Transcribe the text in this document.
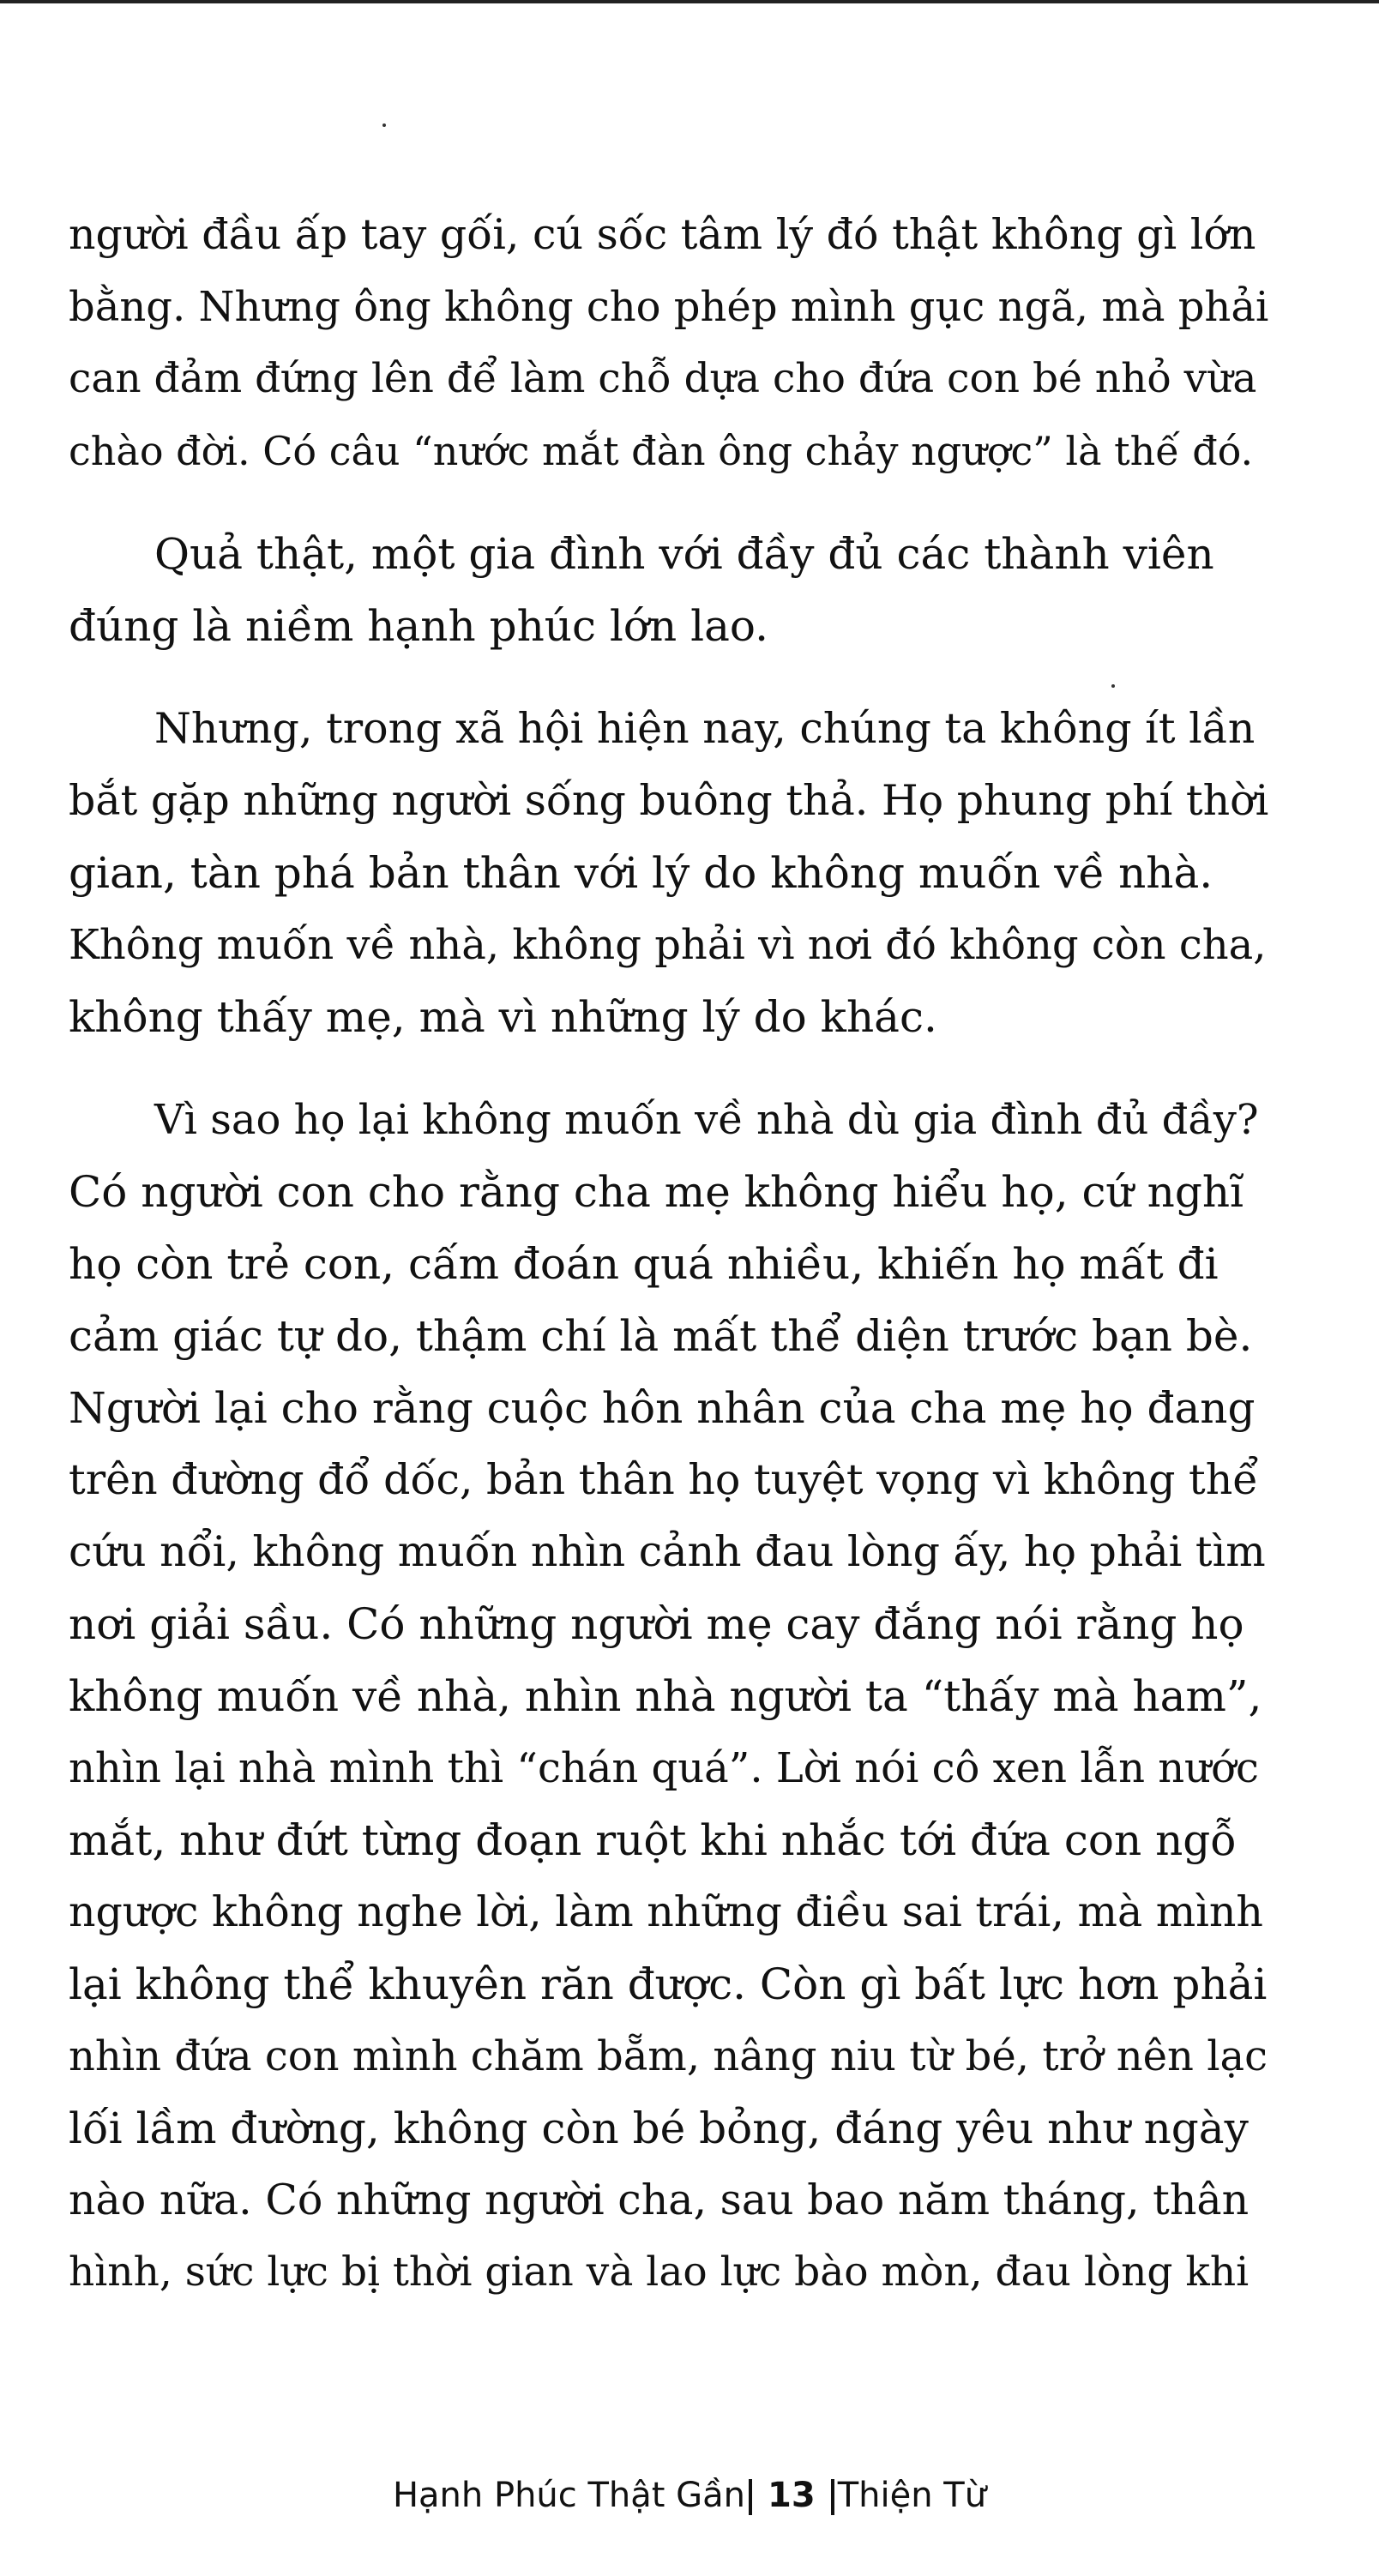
người đầu ấp tay gối, cú sốc tâm lý đó thật không gì lớn
bằng. Nhưng ông không cho phép mình gục ngã, mà phải
can đảm đứng lên để làm chỗ dựa cho đứa con bé nhỏ vừa
chào đời. Có câu “nước mắt đàn ông chảy ngược” là thế đó.
Quả thật, một gia đình với đầy đủ các thành viên
đúng là niềm hạnh phúc lớn lao.
Nhưng, trong xã hội hiện nay, chúng ta không ít lần
bắt gặp những người sống buông thả. Họ phung phí thời
gian, tàn phá bản thân với lý do không muốn về nhà.
Không muốn về nhà, không phải vì nơi đó không còn cha,
không thấy mẹ, mà vì những lý do khác.
Vì sao họ lại không muốn về nhà dù gia đình đủ đầy?
Có người con cho rằng cha mẹ không hiểu họ, cứ nghĩ
họ còn trẻ con, cấm đoán quá nhiều, khiến họ mất đi
cảm giác tự do, thậm chí là mất thể diện trước bạn bè.
Người lại cho rằng cuộc hôn nhân của cha mẹ họ đang
trên đường đổ dốc, bản thân họ tuyệt vọng vì không thể
cứu nổi, không muốn nhìn cảnh đau lòng ấy, họ phải tìm
nơi giải sầu. Có những người mẹ cay đắng nói rằng họ
không muốn về nhà, nhìn nhà người ta “thấy mà ham”,
nhìn lại nhà mình thì “chán quá”. Lời nói cô xen lẫn nước
mắt, như đứt từng đoạn ruột khi nhắc tới đứa con ngỗ
ngược không nghe lời, làm những điều sai trái, mà mình
lại không thể khuyên răn được. Còn gì bất lực hơn phải
nhìn đứa con mình chăm bẵm, nâng niu từ bé, trở nên lạc
lối lầm đường, không còn bé bỏng, đáng yêu như ngày
nào nữa. Có những người cha, sau bao năm tháng, thân
hình, sức lực bị thời gian và lao lực bào mòn, đau lòng khi
Hạnh Phúc Thật Gần 13 Thiện Từ
